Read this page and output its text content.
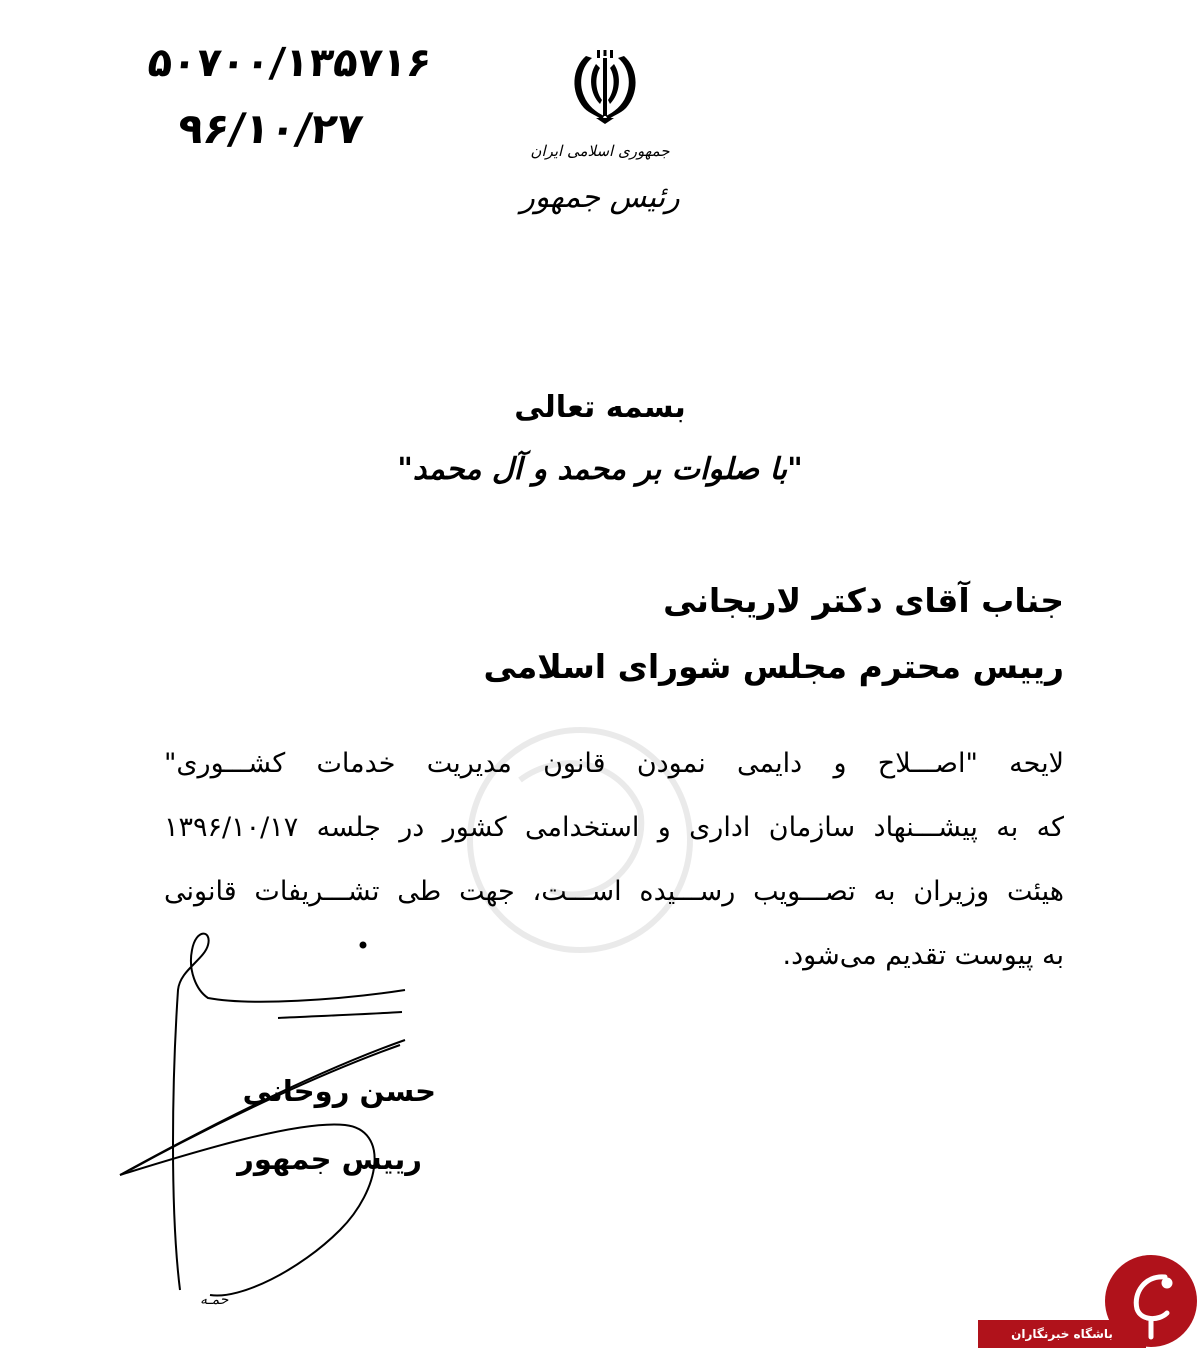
۵۰۷۰۰/۱۳۵۷۱۶
۹۶/۱۰/۲۷	جمهوری اسلامی ایران
رئیس جمهور
بسمه تعالی
"با صلوات بر محمد و آل محمد"
جناب آقای دکتر لاریجانی
رییس محترم مجلس شورای اسلامی
لایحه "اصـــلاح و دایمی نمودن قانون مدیریت خدمات کشـــوری"
که به پیشـــنهاد سازمان اداری و استخدامی کشور در جلسه ۱۳۹۶/۱۰/۱۷
هیئت وزیران به تصـــویب رســـیده اســـت، جهت طی تشـــریفات قانونی
به پیوست تقدیم می‌شود.
حسن روحانی
رییس جمهور
حمـه
باشگاه خبرنگاران
